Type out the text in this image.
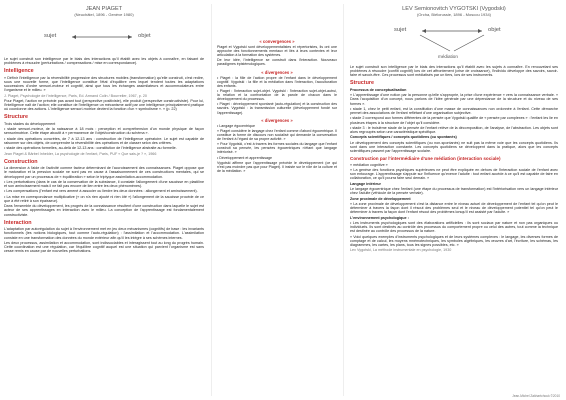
JEAN PIAGET
(Neuchâtel, 1896 - Genève 1980)
sujet	objet
Le sujet construit son intelligence par le biais des interactions qu'il établit avec les objets à connaître, en faisant de problèmes à résoudre (perturbations / compensations / mise en correspondance).
Intelligence
« Définir l'intelligence par la réversibilité progressive des structures mobiles (transformation) qu'elle construit, c'est redire, sous une nouvelle forme, que l'intelligence constitue l'état d'équilibre vers lequel tendent toutes les adaptations successives d'ordre sensori-moteur et cognitif, ainsi que tous les échanges assimilateurs et accommodateurs entre l'organisme et le milieu. »
J. Piaget, Psychologie de l'intelligence, Paris, Ed. Armand Colin / Bourrelier, 1967, p. 20
Pour Piaget, l'action ne précède pas avant tout (perspective positiviste), elle produit (perspective constructiviste). Pour lui, l'intelligence naît de l'action; elle constitue de l'intelligence un mécanisme actif par une intelligence principalement pratique où coordonne des actions. L'intelligence sensori-motrice devient la fonction d'un « symbolisme ». « (p. 22)
Structure
Trois stades du développement
• stade sensori-moteur, de la naissance à 18 mois : perception et compréhension d'un monde physique de façon sensorimotrice. Cette étape aboutit à « permanence de l'objet/construction du schéma ».
• stade des opérations concrètes, de 7 à 12-13 ans : construction de l'intelligence opératoire. Le sujet est capable de raisonner sur des objets, de comprendre la réversibilité des opérations et de classer selon des critères.
• stade des opérations formelles, au-delà de 12-13 ans : constitution de l'intelligence abstraite au formelle.
Jean Piaget & Bärbel Inhelder, La psychologie de l'enfant, Paris, PUF « Que sais-je ? », 1966
Construction
La dimension à l'aide de l'activité comme facteur déterminant de l'accroissement des connaissances. Piaget oppose que le maturation et la pression sociale ne sont pas en cause à l'assaisonnement de ces constructions mentales, qui se développent par un processus de « équilibration » selon le triptyque assimilation-accommodation.
• Les perturbations (dans le cas de la conservation de la substance, il constate l'allongement d'une saucisse en plastiline et son amincissement mais il ne fait pas encore de lien entre les deux phénomènes).
• Les compensations (l'enfant est vers amené à associer ou lierdre les deux données : allongement et amincissement).
• La mise en correspondance multiplicative (« on n'a rien ajouté ni rien ôté ») l'allongement de la saucisse procède de ce que à été retiré à son épaisseur).
Dans l'ensemble du développement, les progrès de la connaissance résultent d'une construction dans laquelle le sujet est acteur de ses apprentissages en interaction avec le milieu. La conception de l'apprentissage est fondamentalement constructiviste.
Interaction
L'adaptation par autorégulation du sujet à l'environnement met en jeu deux mécanismes (cognitifs) de base : les invariants fonctionnels (les notions biologiques, tout comme l'auto-régulation) : l'assimilation et l'accommodation. L'assimilation consiste en une transformation des données du monde extérieur afin qu'il les intègre à ses schèmes internes.
Les deux processus, assimilation et accommodation, sont indissociables et interagissent tout au long du progrès humain. Cette coordination est une régulation, car l'équilibre cognitif auquel est une situation qui parvient l'organisme est sans cesse remis en cause par de nouvelles perturbations.
« convergences »
Piaget et Vygotski sont développementalistes et répertoristes, ils ont une approche des fonctionnements mentaux et liés à leurs contextes et leur articulation à la formation des systèmes.
De leur idée, l'intelligence se construit dans l'interaction. Nouveaux paradigmes épistémologiques.
« divergences »
• Piaget : la fille de l'action propre de l'enfant dans le développement cognitif. Vygotski : la fille et la médiation dans l'interaction, l'acculturation des enfants.
• Piaget : l'interaction sujet-objet. Vygotski : l'interaction sujet-objet-autrui, la relation et la confrontation de la parole de chacun dans le développement du processus.
• Piaget : développement spontané (auto-régulation) et la construction des savoirs. Vygotski : la transmission culturelle (développement fondé sur l'apprentissage).
« divergences »
• Langage égocentrique
« Piaget considère le langage chez l'enfant comme d'abord égocentrique. Il constitue la forme de discours non socialisé qui demande la conversation de l'enfant à l'égard de sa propre activité. »
« Pour Vygotski, c'est à travers les formes sociales du langage que l'enfant construit sa pensée, les pensées égocentriques n'étant que langage intériorisé. »
• Développement et apprentissage
Vygotski affirme que l'apprentissage précède le développement (ce qui n'est pas moindre pas que pour Piaget). Il insiste sur le rôle de la culture et de la médiation. »
LEV Semionovitch VYGOTSKI (Vygodski)
(Orcha, Biélorussie, 1896 - Moscou 1934)
sujet	objet
médiation
Le sujet construit son intelligence par le biais des interactions qu'il établit avec les sujets à connaître. En renouvelant ses problèmes à résoudre (conflit cognitif) lors de cet affrontement (crise de croissance), l'individu développe des savoirs, savoir-faire et savoir-être. Ces processus sont médiatisés par un tiers, lors de ses instruments.
Structure
Processus de conceptualisation
« L'apprentissage d'une notion par la personne qu'elle s'approprie, la prise d'une expérience » vers la connaissance verbale. « Dans l'acquisition d'un concept, nous parlons de l'idée générale par une dépendance de la structure et du niveau de ses formes ».
• stade 1, chez le petit enfant, est la constitution d'une masse de connaissances non ordonnée à l'enfant. Cette démarche permet des associations de l'enfant reflétant d'une organisation subjective.
• stade 2 correspond aux formes différentes de la pensée que Vygotski qualifie de « pensée par complexes » : l'enfant les lie en plusieurs étapes à la structure de l'objet qu'il considère.
• stade 3 : le troisième stade de la pensée de l'enfant relève de la décomposition, de l'analyse, de l'abstraction. Les objets sont alors regroupés selon une caractéristique spécifique.
Concepts scientifiques / concepts quotidiens (ou spontanés)
Le développement des concepts scientifiques (ou non-spontanés) ne suit pas la même voie que les concepts quotidiens. Ils sont dans une interaction constante. Les concepts quotidiens se développent dans la pratique, alors que les concepts scientifiques passent par l'apprentissage scolaire.
Construction par l'intermédiaire d'une médiation (interaction sociale)
« médiation cognitive »
« La genèse des fonctions psychiques supérieures ne peut être expliquée en dehors de l'interaction sociale de l'enfant avec son entourage. L'apprentissage s'appuie sur l'influence qu'exerce l'adulte : tout enfant accède à ce qu'il est capable de faire en collaboration, ce qu'il pourra faire seul demain. »
Langage intérieur
Le langage égocentrique chez l'enfant (une étape du processus de transformation) est l'intériorisation vers un langage intérieur chez l'adulte (véhicule de la pensée verbale).
Zone proximale de développement
« La zone proximale de développement c'est la distance entre le niveau actuel de développement de l'enfant tel qu'on peut le déterminer à travers la façon dont il résout des problèmes seul et le niveau de développement potentiel tel qu'on peut le déterminer à travers la façon dont l'enfant résout des problèmes lorsqu'il est assisté par l'adulte. »
L'environnement psychologique :
• Les instruments psychologiques sont des élaborations artificielles : ils sont sociaux par nature et non pas organiques ou individuels. Ils sont destinés au contrôle des processus du comportement propre ou celui des autres, tout comme la technique est destinée au contrôle des processus de la nature.
« Voici quelques exemples d'instruments psychologiques et de leurs systèmes complexes : le langage, les diverses formes de comptage et de calcul, les moyens mnémotechniques, les symboles algébriques, les œuvres d'art, l'écriture, les schémas, les diagrammes, les cartes, les plans, tous les signes possibles, etc. »
Lev Vygotski, La méthode instrumentale en psychologie, 1930
Jean-Michel Zakhartchouk ©2010
